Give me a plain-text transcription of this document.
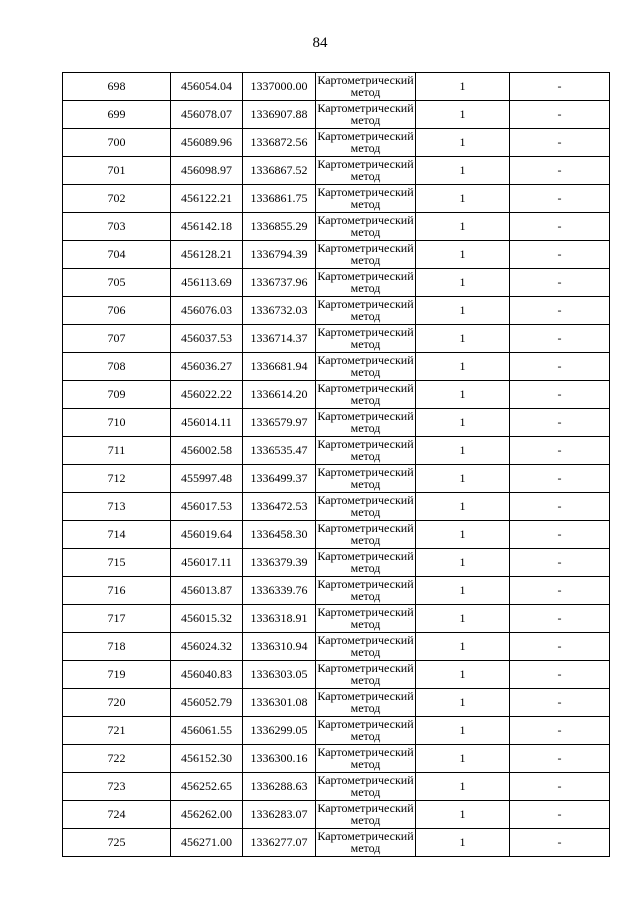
84
698	456054.04	1337000.00	Картометрический метод	1	-
699	456078.07	1336907.88	Картометрический метод	1	-
700	456089.96	1336872.56	Картометрический метод	1	-
701	456098.97	1336867.52	Картометрический метод	1	-
702	456122.21	1336861.75	Картометрический метод	1	-
703	456142.18	1336855.29	Картометрический метод	1	-
704	456128.21	1336794.39	Картометрический метод	1	-
705	456113.69	1336737.96	Картометрический метод	1	-
706	456076.03	1336732.03	Картометрический метод	1	-
707	456037.53	1336714.37	Картометрический метод	1	-
708	456036.27	1336681.94	Картометрический метод	1	-
709	456022.22	1336614.20	Картометрический метод	1	-
710	456014.11	1336579.97	Картометрический метод	1	-
711	456002.58	1336535.47	Картометрический метод	1	-
712	455997.48	1336499.37	Картометрический метод	1	-
713	456017.53	1336472.53	Картометрический метод	1	-
714	456019.64	1336458.30	Картометрический метод	1	-
715	456017.11	1336379.39	Картометрический метод	1	-
716	456013.87	1336339.76	Картометрический метод	1	-
717	456015.32	1336318.91	Картометрический метод	1	-
718	456024.32	1336310.94	Картометрический метод	1	-
719	456040.83	1336303.05	Картометрический метод	1	-
720	456052.79	1336301.08	Картометрический метод	1	-
721	456061.55	1336299.05	Картометрический метод	1	-
722	456152.30	1336300.16	Картометрический метод	1	-
723	456252.65	1336288.63	Картометрический метод	1	-
724	456262.00	1336283.07	Картометрический метод	1	-
725	456271.00	1336277.07	Картометрический метод	1	-
